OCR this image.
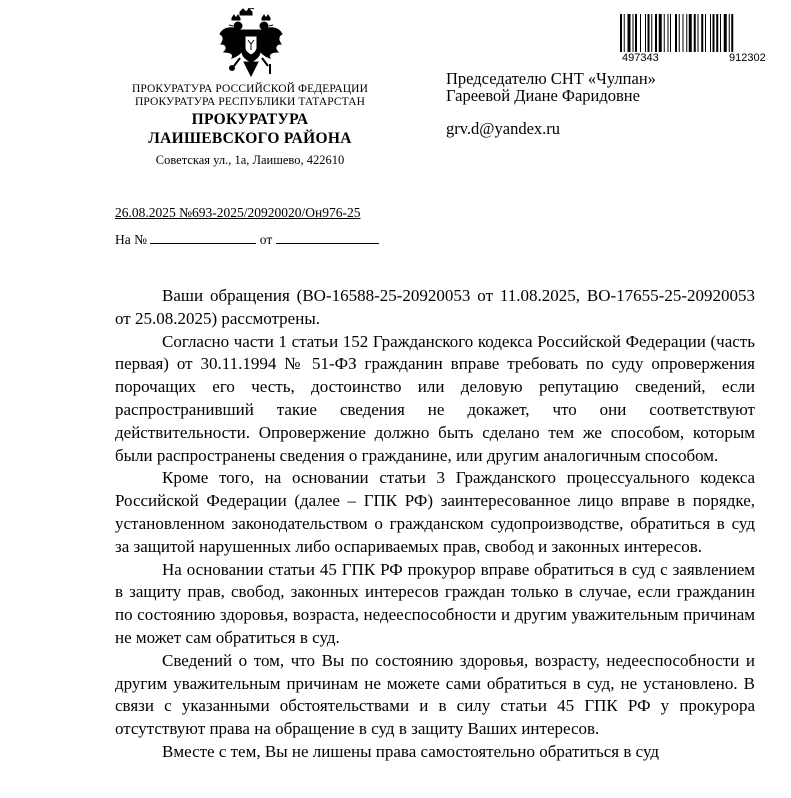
ПРОКУРАТУРА РОССИЙСКОЙ ФЕДЕРАЦИИ
ПРОКУРАТУРА РЕСПУБЛИКИ ТАТАРСТАН
ПРОКУРАТУРА
ЛАИШЕВСКОГО РАЙОНА
Советская ул., 1а, Лаишево, 422610
26.08.2025 №693-2025/20920020/Он976-25
На №	от
497343	912302
Председателю СНТ «Чулпан»
Гареевой Диане Фаридовне
grv.d@yandex.ru

Ваши обращения (ВО-16588-25-20920053 от 11.08.2025, ВО-17655-25-20920053 от 25.08.2025) рассмотрены.

Согласно части 1 статьи 152 Гражданского кодекса Российской Федерации (часть первая) от 30.11.1994 № 51-ФЗ гражданин вправе требовать по суду опровержения порочащих его честь, достоинство или деловую репутацию сведений, если распространивший такие сведения не докажет, что они соответствуют действительности. Опровержение должно быть сделано тем же способом, которым были распространены сведения о гражданине, или другим аналогичным способом.

Кроме того, на основании статьи 3 Гражданского процессуального кодекса Российской Федерации (далее – ГПК РФ) заинтересованное лицо вправе в порядке, установленном законодательством о гражданском судопроизводстве, обратиться в суд за защитой нарушенных либо оспариваемых прав, свобод и законных интересов.

На основании статьи 45 ГПК РФ прокурор вправе обратиться в суд с заявлением в защиту прав, свобод, законных интересов граждан только в случае, если гражданин по состоянию здоровья, возраста, недееспособности и другим уважительным причинам не может сам обратиться в суд.

Сведений о том, что Вы по состоянию здоровья, возрасту, недееспособности и другим уважительным причинам не можете сами обратиться в суд, не установлено. В связи с указанными обстоятельствами и в силу статьи 45 ГПК РФ у прокурора отсутствуют права на обращение в суд в защиту Ваших интересов.

Вместе с тем, Вы не лишены права самостоятельно обратиться в суд
